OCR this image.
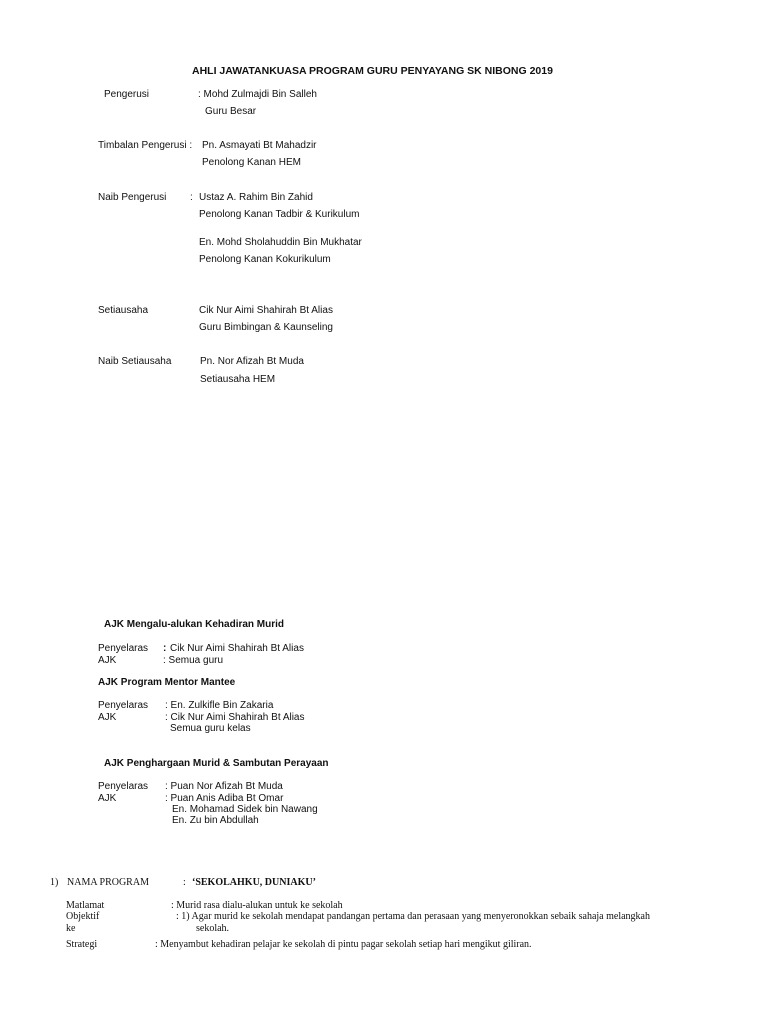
AHLI JAWATANKUASA PROGRAM GURU PENYAYANG SK NIBONG 2019
Pengerusi	: Mohd Zulmajdi Bin Salleh
Guru Besar
Timbalan Pengerusi : Pn. Asmayati Bt Mahadzir
Penolong Kanan HEM
Naib Pengerusi : Ustaz A. Rahim Bin Zahid
Penolong Kanan Tadbir & Kurikulum
En. Mohd Sholahuddin Bin Mukhatar
Penolong Kanan Kokurikulum
Setiausaha	Cik Nur Aimi Shahirah Bt Alias
Guru Bimbingan & Kaunseling
Naib Setiausaha	Pn. Nor Afizah Bt Muda
Setiausaha HEM
AJK Mengalu-alukan Kehadiran Murid
Penyelaras : Cik Nur Aimi Shahirah Bt Alias
AJK	: Semua guru
AJK Program Mentor Mantee
Penyelaras : En. Zulkifle Bin Zakaria
AJK	: Cik Nur Aimi Shahirah Bt Alias
Semua guru kelas
AJK Penghargaan Murid & Sambutan Perayaan
Penyelaras : Puan Nor Afizah Bt Muda
AJK	: Puan Anis Adiba Bt Omar
En. Mohamad Sidek bin Nawang
En. Zu bin Abdullah
1) NAMA PROGRAM	: ‘SEKOLAHKU, DUNIAKU’
Matlamat	: Murid rasa dialu-alukan untuk ke sekolah
Objektif	: 1) Agar murid ke sekolah mendapat pandangan pertama dan perasaan yang menyeronokkan sebaik sahaja melangkah
ke	sekolah.
Strategi	: Menyambut kehadiran pelajar ke sekolah di pintu pagar sekolah setiap hari mengikut giliran.
